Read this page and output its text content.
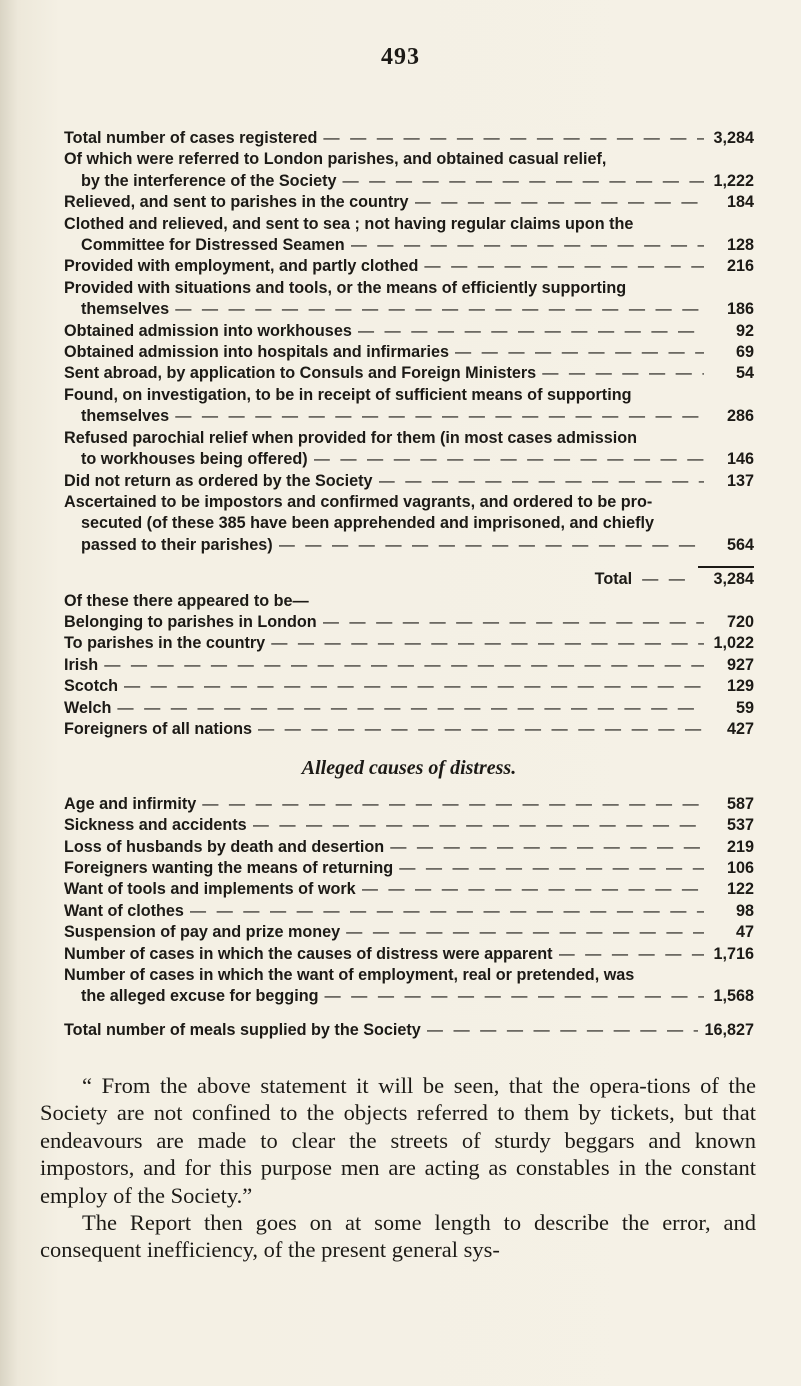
493
Total number of cases registered — — —	3,284
Of which were referred to London parishes, and obtained casual relief,
by the interference of the Society — — —	1,222
Relieved, and sent to parishes in the country — — —	184
Clothed and relieved, and sent to sea ; not having regular claims upon the
Committee for Distressed Seamen — — —	128
Provided with employment, and partly clothed — — —	216
Provided with situations and tools, or the means of efficiently supporting
themselves — — —	186
Obtained admission into workhouses — — —	92
Obtained admission into hospitals and infirmaries — — —	69
Sent abroad, by application to Consuls and Foreign Ministers — — —	54
Found, on investigation, to be in receipt of sufficient means of supporting
themselves — — —	286
Refused parochial relief when provided for them (in most cases admission
to workhouses being offered) — — —	146
Did not return as ordered by the Society — — —	137
Ascertained to be impostors and confirmed vagrants, and ordered to be pro-
secuted (of these 385 have been apprehended and imprisoned, and chiefly
passed to their parishes) — — —	564
Total — —	3,284
Of these there appeared to be—
Belonging to parishes in London — — —	720
To parishes in the country — — —	1,022
Irish — — —	927
Scotch — — —	129
Welch — — —	59
Foreigners of all nations — — —	427
Alleged causes of distress.
Age and infirmity — — —	587
Sickness and accidents — — —	537
Loss of husbands by death and desertion — — —	219
Foreigners wanting the means of returning — — —	106
Want of tools and implements of work — — —	122
Want of clothes — — —	98
Suspension of pay and prize money — — —	47
Number of cases in which the causes of distress were apparent — — —	1,716
Number of cases in which the want of employment, real or pretended, was
the alleged excuse for begging — — —	1,568
Total number of meals supplied by the Society — — —	16,827

“ From the above statement it will be seen, that the opera-tions of the Society are not confined to the objects referred to them by tickets, but that endeavours are made to clear the streets of sturdy beggars and known impostors, and for this purpose men are acting as constables in the constant employ of the Society.”

The Report then goes on at some length to describe the error, and consequent inefficiency, of the present general sys-
